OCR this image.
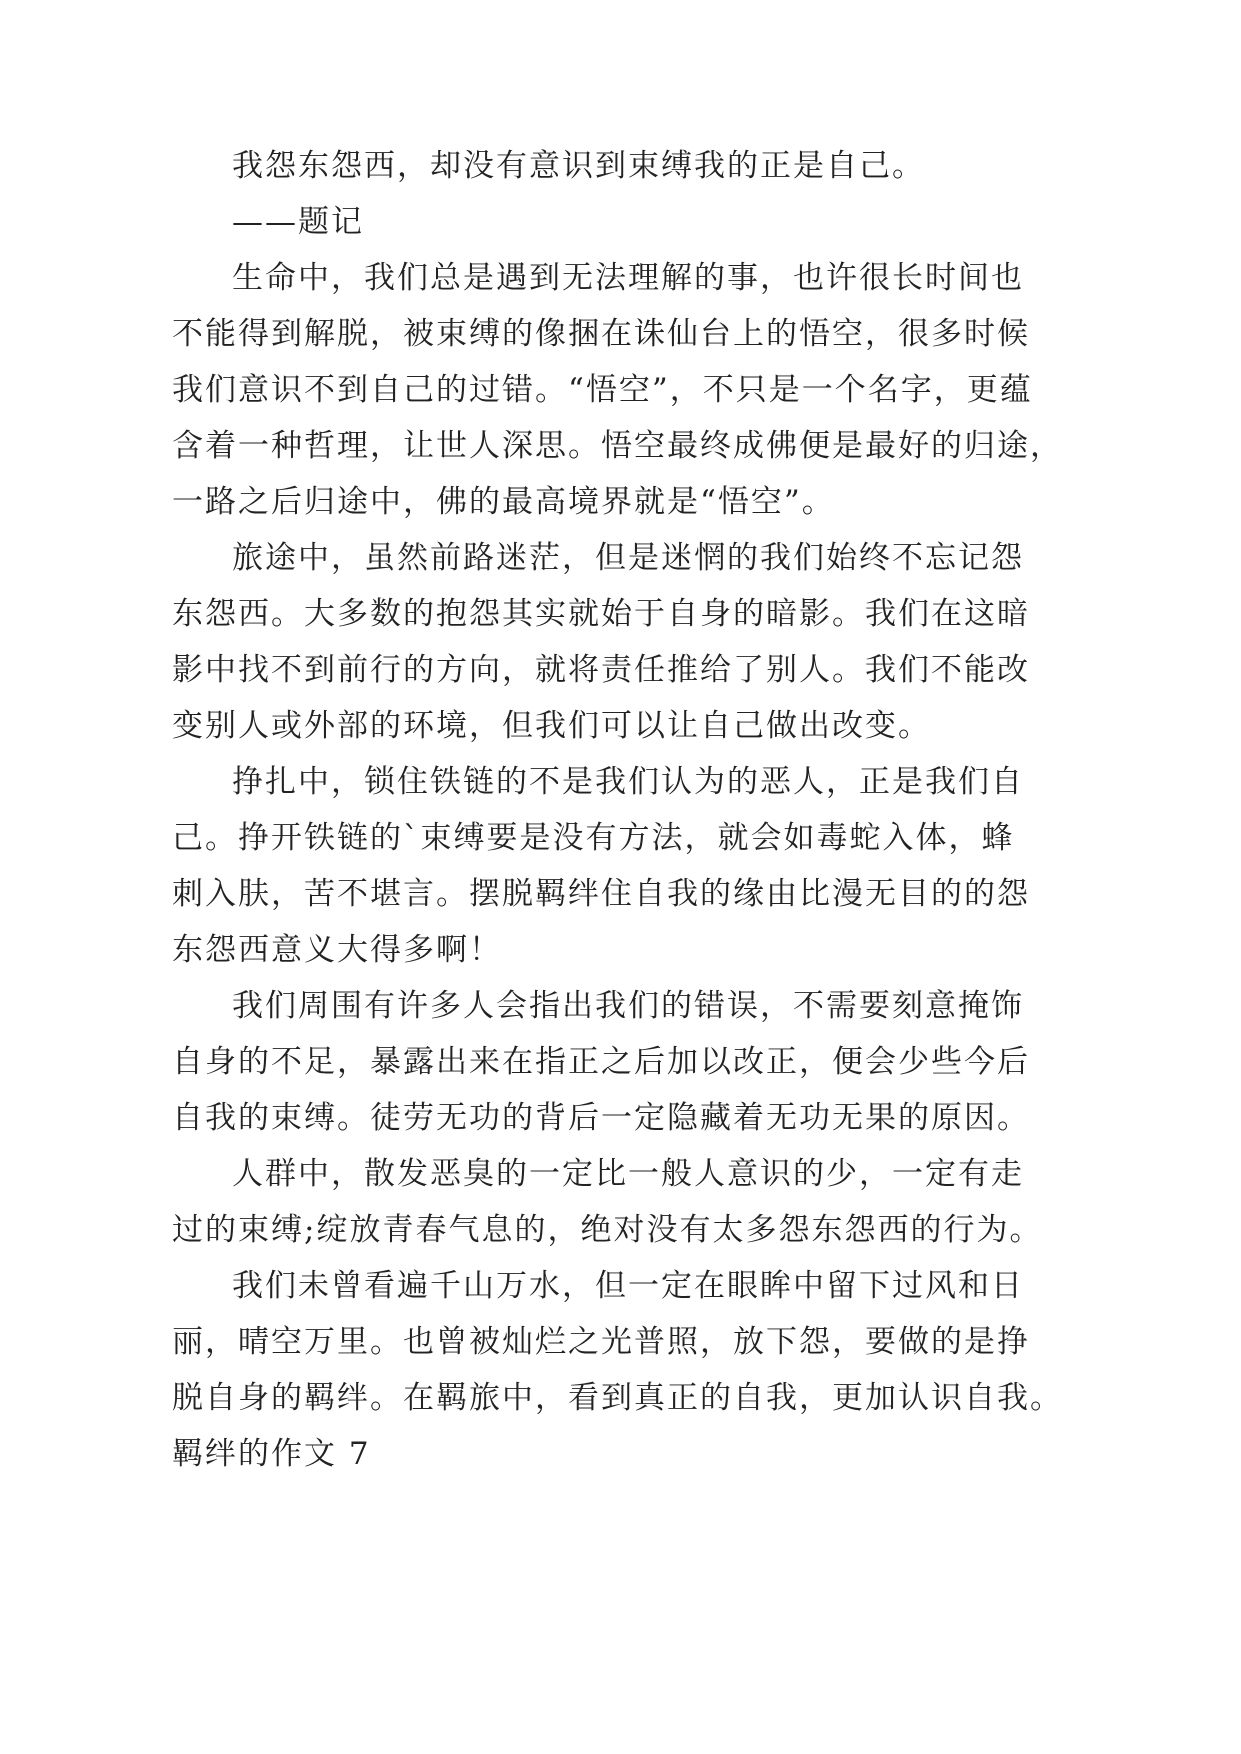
我怨东怨西，却没有意识到束缚我的正是自己。
——题记
生命中，我们总是遇到无法理解的事，也许很长时间也
不能得到解脱，被束缚的像捆在诛仙台上的悟空，很多时候
我们意识不到自己的过错。“悟空”，不只是一个名字，更蕴
含着一种哲理，让世人深思。悟空最终成佛便是最好的归途，
一路之后归途中，佛的最高境界就是“悟空”。
旅途中，虽然前路迷茫，但是迷惘的我们始终不忘记怨
东怨西。大多数的抱怨其实就始于自身的暗影。我们在这暗
影中找不到前行的方向，就将责任推给了别人。我们不能改
变别人或外部的环境，但我们可以让自己做出改变。
挣扎中，锁住铁链的不是我们认为的恶人，正是我们自
己。挣开铁链的`束缚要是没有方法，就会如毒蛇入体，蜂
刺入肤，苦不堪言。摆脱羁绊住自我的缘由比漫无目的的怨
东怨西意义大得多啊！
我们周围有许多人会指出我们的错误，不需要刻意掩饰
自身的不足，暴露出来在指正之后加以改正，便会少些今后
自我的束缚。徒劳无功的背后一定隐藏着无功无果的原因。
人群中，散发恶臭的一定比一般人意识的少，一定有走
过的束缚;绽放青春气息的，绝对没有太多怨东怨西的行为。
我们未曾看遍千山万水，但一定在眼眸中留下过风和日
丽，晴空万里。也曾被灿烂之光普照，放下怨，要做的是挣
脱自身的羁绊。在羁旅中，看到真正的自我，更加认识自我。
羁绊的作文 7
